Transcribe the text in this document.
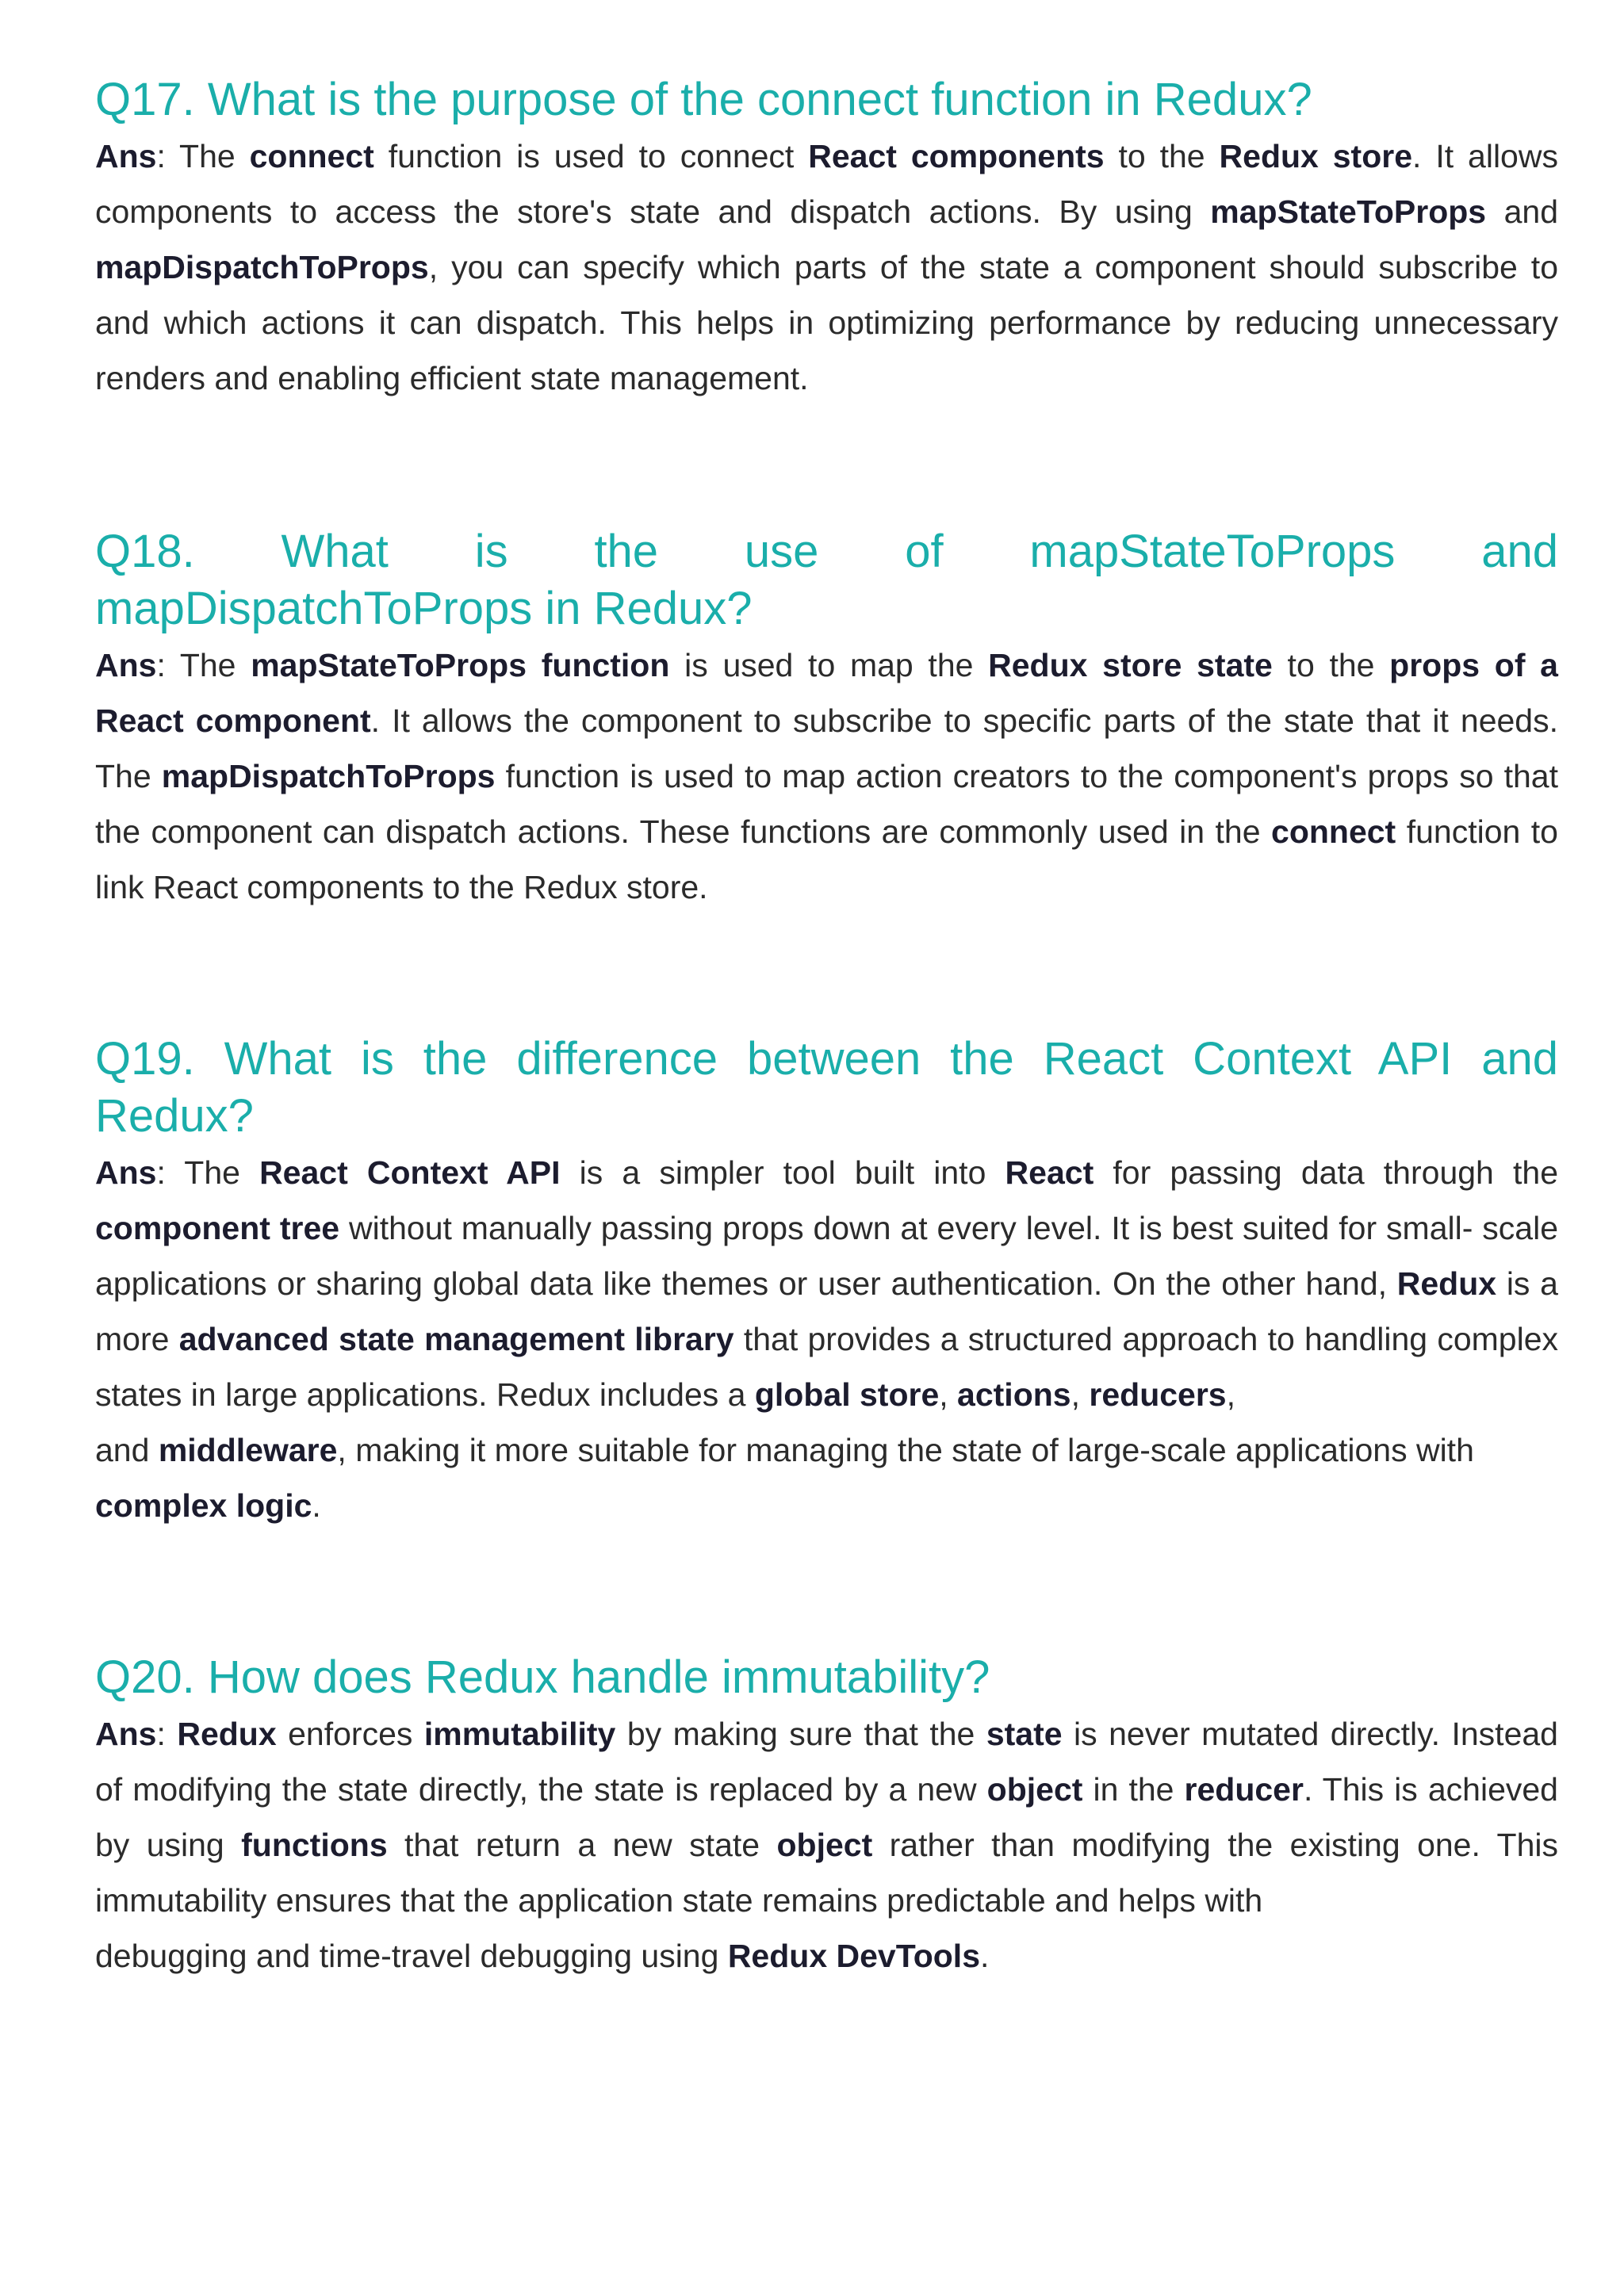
Q17. What is the purpose of the connect function in Redux?

Ans: The connect function is used to connect React components to the Redux store. It allows components to access the store's state and dispatch actions. By using mapStateToProps and mapDispatchToProps, you can specify which parts of the state a component should subscribe to and which actions it can dispatch. This helps in optimizing performance by reducing unnecessary renders and enabling efficient state management.

Q18. What is the use of mapStateToProps and
mapDispatchToProps in Redux?

Ans: The mapStateToProps function is used to map the Redux store state to the props of a React component. It allows the component to subscribe to specific parts of the state that it needs. The mapDispatchToProps function is used to map action creators to the component's props so that the component can dispatch actions. These functions are commonly used in the connect function to link React components to the Redux store.

Q19. What is the difference between the React Context API and
Redux?

Ans: The React Context API is a simpler tool built into React for passing data through the component tree without manually passing props down at every level. It is best suited for small- scale applications or sharing global data like themes or user authentication. On the other hand, Redux is a more advanced state management library that provides a structured approach to handling complex states in large applications. Redux includes a global store, actions, reducers,

and middleware, making it more suitable for managing the state of large-scale applications with complex logic.

Q20. How does Redux handle immutability?

Ans: Redux enforces immutability by making sure that the state is never mutated directly. Instead of modifying the state directly, the state is replaced by a new object in the reducer. This is achieved by using functions that return a new state object rather than modifying the existing one. This immutability ensures that the application state remains predictable and helps with

debugging and time-travel debugging using Redux DevTools.
